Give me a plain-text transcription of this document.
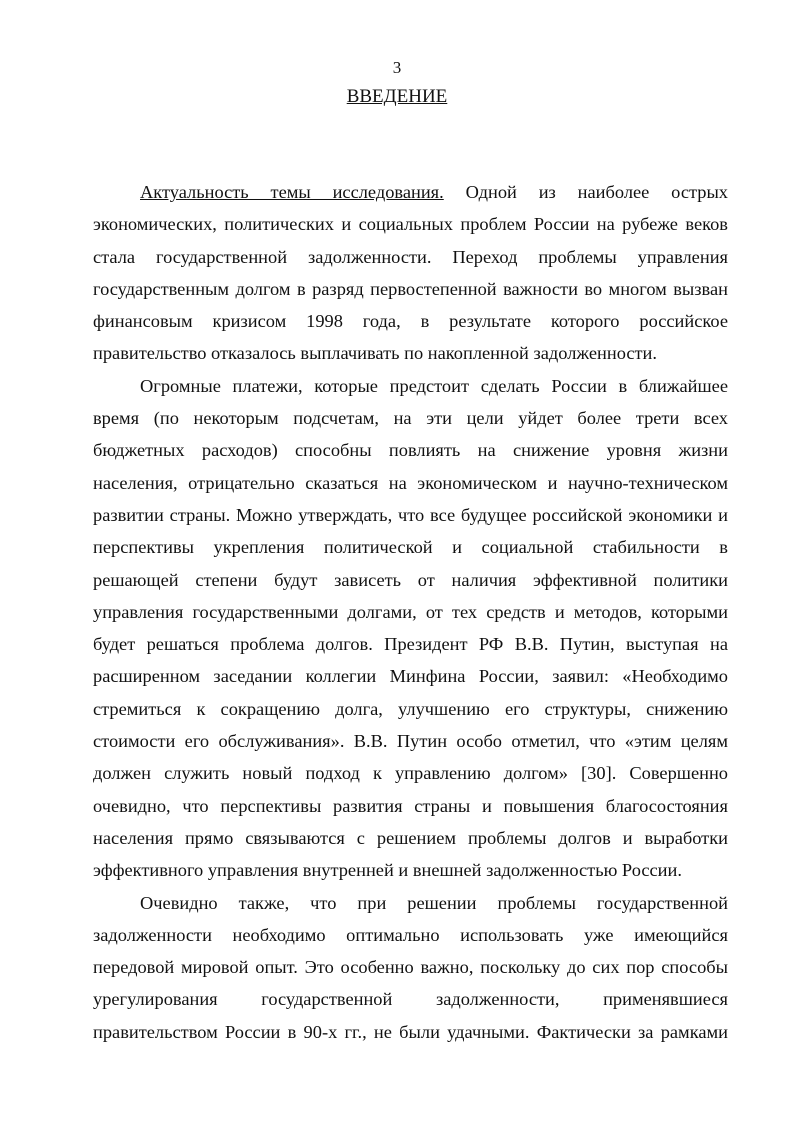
3
ВВЕДЕНИЕ
Актуальность темы исследования. Одной из наиболее острых
экономических, политических и социальных проблем России на рубеже веков
стала государственной задолженности. Переход проблемы управления
государственным долгом в разряд первостепенной важности во многом вызван
финансовым кризисом 1998 года, в результате которого российское
правительство отказалось выплачивать по накопленной задолженности.
Огромные платежи, которые предстоит сделать России в ближайшее
время (по некоторым подсчетам, на эти цели уйдет более трети всех
бюджетных расходов) способны повлиять на снижение уровня жизни
населения, отрицательно сказаться на экономическом и научно-техническом
развитии страны. Можно утверждать, что все будущее российской экономики и
перспективы укрепления политической и социальной стабильности в
решающей степени будут зависеть от наличия эффективной политики
управления государственными долгами, от тех средств и методов, которыми
будет решаться проблема долгов. Президент РФ В.В. Путин, выступая на
расширенном заседании коллегии Минфина России, заявил: «Необходимо
стремиться к сокращению долга, улучшению его структуры, снижению
стоимости его обслуживания». В.В. Путин особо отметил, что «этим целям
должен служить новый подход к управлению долгом» [30]. Совершенно
очевидно, что перспективы развития страны и повышения благосостояния
населения прямо связываются с решением проблемы долгов и выработки
эффективного управления внутренней и внешней задолженностью России.
Очевидно также, что при решении проблемы государственной
задолженности необходимо оптимально использовать уже имеющийся
передовой мировой опыт. Это особенно важно, поскольку до сих пор способы
урегулирования государственной задолженности, применявшиеся
правительством России в 90-х гг., не были удачными. Фактически за рамками
